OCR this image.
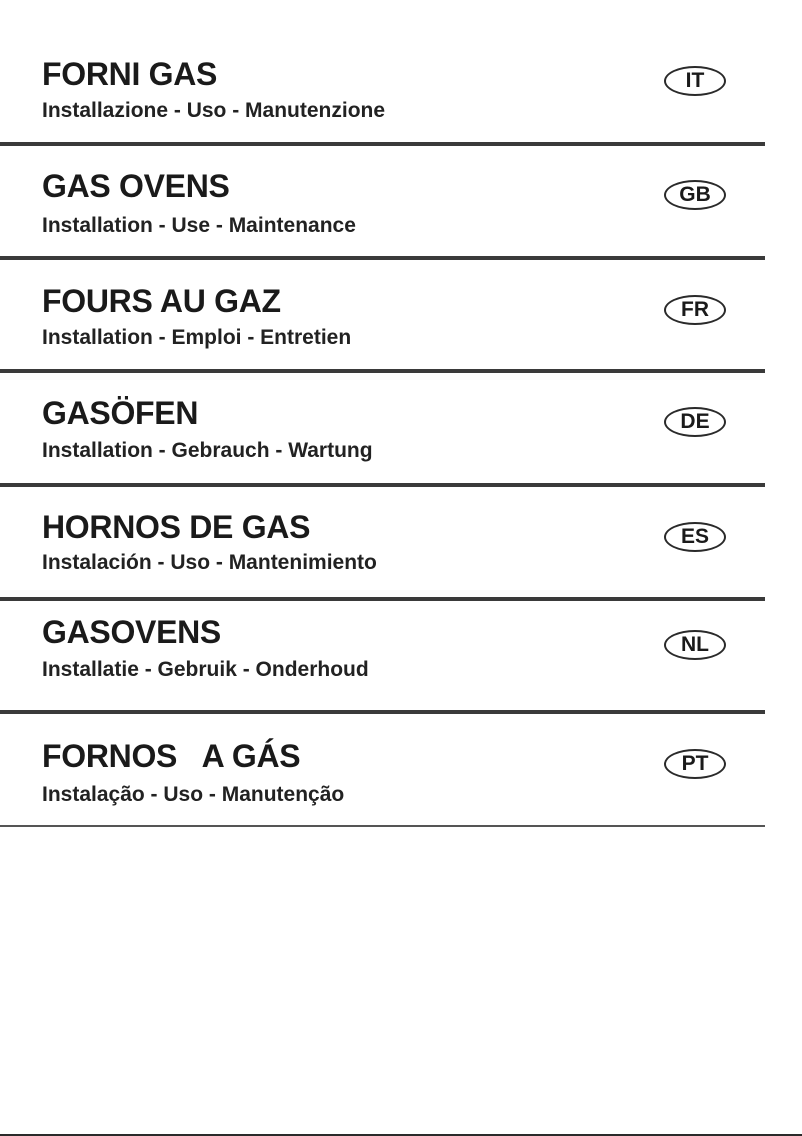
FORNI GAS
Installazione - Uso - Manutenzione
IT
GAS OVENS
Installation - Use - Maintenance
GB
FOURS AU GAZ
Installation - Emploi - Entretien
FR
GASÖFEN
Installation - Gebrauch - Wartung
DE
HORNOS DE GAS
Instalación - Uso - Mantenimiento
ES
GASOVENS
Installatie - Gebruik - Onderhoud
NL
FORNOS   A GÁS
Instalação - Uso - Manutenção
PT
